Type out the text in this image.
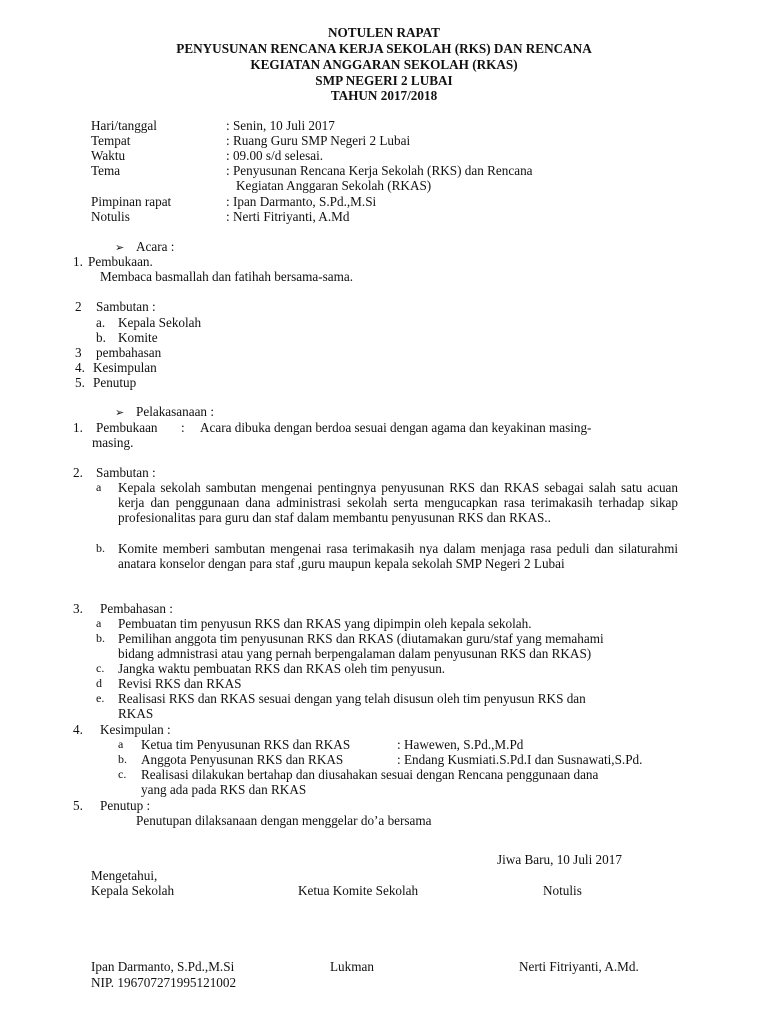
NOTULEN RAPAT
PENYUSUNAN RENCANA KERJA SEKOLAH (RKS) DAN RENCANA
KEGIATAN ANGGARAN SEKOLAH (RKAS)
SMP NEGERI 2 LUBAI
TAHUN 2017/2018
Hari/tanggal	: Senin, 10 Juli 2017
Tempat	: Ruang Guru SMP Negeri 2 Lubai
Waktu	: 09.00 s/d selesai.
Tema	: Penyusunan Rencana Kerja Sekolah (RKS) dan Rencana
Kegiatan Anggaran Sekolah (RKAS)
Pimpinan rapat	: Ipan Darmanto, S.Pd.,M.Si
Notulis	: Nerti Fitriyanti, A.Md
➢ Acara :
1. Pembukaan.
Membaca basmallah dan fatihah bersama-sama.
2 Sambutan :
a. Kepala Sekolah
b. Komite
3 pembahasan
4. Kesimpulan
5. Penutup
➢ Pelakasanaan :
1. Pembukaan : Acara dibuka dengan berdoa sesuai dengan agama dan keyakinan masing-
masing.
2. Sambutan :
a Kepala sekolah sambutan mengenai pentingnya penyusunan RKS dan RKAS sebagai salah satu acuan kerja dan penggunaan dana administrasi sekolah serta mengucapkan rasa terimakasih terhadap sikap profesionalitas para guru dan staf dalam membantu penyusunan RKS dan RKAS..
b. Komite memberi sambutan mengenai rasa terimakasih nya dalam menjaga rasa peduli dan silaturahmi anatara konselor dengan para staf ,guru maupun kepala sekolah SMP Negeri 2 Lubai
3. Pembahasan :
a Pembuatan tim penyusun RKS dan RKAS yang dipimpin oleh kepala sekolah.
b. Pemilihan anggota tim penyusunan RKS dan RKAS (diutamakan guru/staf yang memahami
bidang admnistrasi atau yang pernah berpengalaman dalam penyusunan RKS dan RKAS)
c. Jangka waktu pembuatan RKS dan RKAS oleh tim penyusun.
d Revisi RKS dan RKAS
e. Realisasi RKS dan RKAS sesuai dengan yang telah disusun oleh tim penyusun RKS dan
RKAS
4. Kesimpulan :
a Ketua tim Penyusunan RKS dan RKAS	: Hawewen, S.Pd.,M.Pd
b. Anggota Penyusunan RKS dan RKAS	: Endang Kusmiati.S.Pd.I dan Susnawati,S.Pd.
c. Realisasi dilakukan bertahap dan diusahakan sesuai dengan Rencana penggunaan dana
yang ada pada RKS dan RKAS
5. Penutup :
Penutupan dilaksanaan dengan menggelar do’a bersama
Jiwa Baru, 10 Juli 2017
Mengetahui,
Kepala Sekolah	Ketua Komite Sekolah	Notulis
Ipan Darmanto, S.Pd.,M.Si	Lukman	Nerti Fitriyanti, A.Md.
NIP. 196707271995121002
